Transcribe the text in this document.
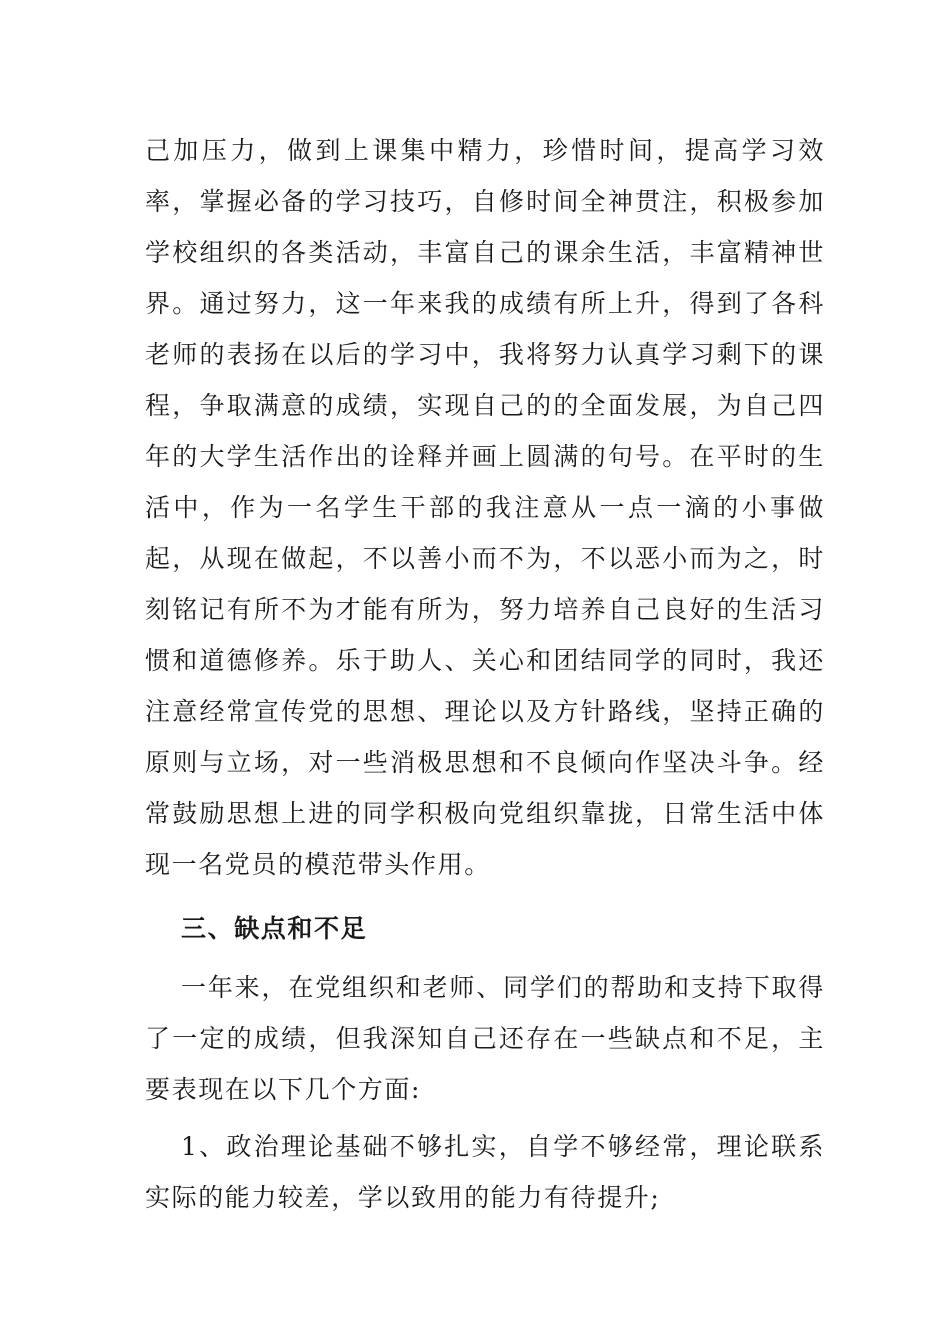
己加压力，做到上课集中精力，珍惜时间，提高学习效率，掌握必备的学习技巧，自修时间全神贯注，积极参加学校组织的各类活动，丰富自己的课余生活，丰富精神世界。通过努力，这一年来我的成绩有所上升，得到了各科老师的表扬在以后的学习中，我将努力认真学习剩下的课程，争取满意的成绩，实现自己的的全面发展，为自己四年的大学生活作出的诠释并画上圆满的句号。在平时的生活中，作为一名学生干部的我注意从一点一滴的小事做起，从现在做起，不以善小而不为，不以恶小而为之，时刻铭记有所不为才能有所为，努力培养自己良好的生活习惯和道德修养。乐于助人、关心和团结同学的同时，我还注意经常宣传党的思想、理论以及方针路线，坚持正确的原则与立场，对一些消极思想和不良倾向作坚决斗争。经常鼓励思想上进的同学积极向党组织靠拢，日常生活中体现一名党员的模范带头作用。

三、缺点和不足

一年来，在党组织和老师、同学们的帮助和支持下取得了一定的成绩，但我深知自己还存在一些缺点和不足，主要表现在以下几个方面:

1、政治理论基础不够扎实，自学不够经常，理论联系实际的能力较差，学以致用的能力有待提升;
